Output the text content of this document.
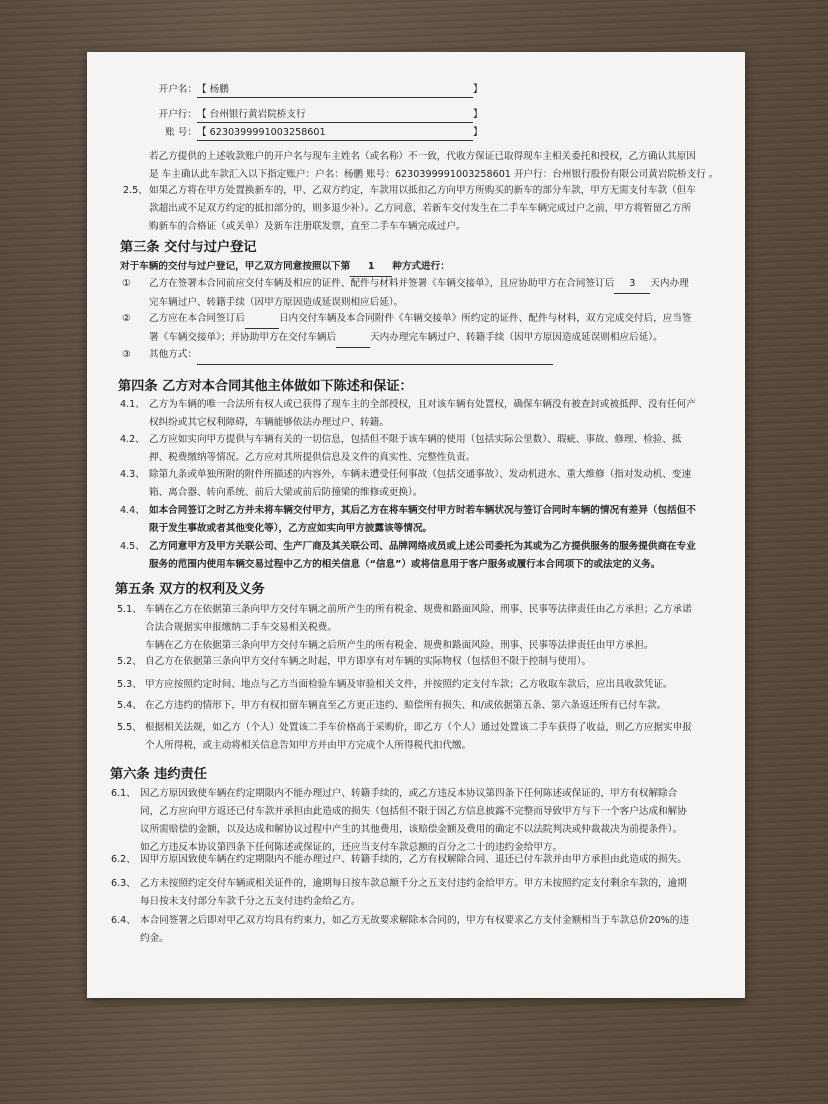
开户名：【 杨鹏	】
开户行：【 台州银行黄岩院桥支行	】
账 号：【 6230399991003258601	】
若乙方提供的上述收款账户的开户名与现车主姓名（或名称）不一致，代收方保证已取得现车主相关委托和授权，乙方确认其原因
是 车主确认此车款汇入以下指定账户：户名：杨鹏 账号：6230399991003258601 开户行：台州银行股份有限公司黄岩院桥支行 。
2.5、 如果乙方将在甲方处置换新车的，甲、乙双方约定，车款用以抵扣乙方向甲方所购买的新车的部分车款，甲方无需支付车款（但车
款超出或不足双方约定的抵扣部分的，则多退少补）。乙方同意，若新车交付发生在二手车车辆完成过户之前，甲方将暂留乙方所
购新车的合格证（或关单）及新车注册联发票，直至二手车车辆完成过户。
第三条 交付与过户登记
对于车辆的交付与过户登记，甲乙双方同意按照以下第 1 种方式进行：
① 乙方在签署本合同前应交付车辆及相应的证件、配件与材料并签署《车辆交接单》，且应协助甲方在合同签订后 3 天内办理
完车辆过户、转籍手续（因甲方原因造成延误则相应后延）。
② 乙方应在本合同签订后	日内交付车辆及本合同附件《车辆交接单》所约定的证件、配件与材料，双方完成交付后，应当签
署《车辆交接单》；并协助甲方在交付车辆后	天内办理完车辆过户、转籍手续（因甲方原因造成延误则相应后延）。
③ 其他方式：
第四条 乙方对本合同其他主体做如下陈述和保证：
4.1、 乙方为车辆的唯一合法所有权人或已获得了现车主的全部授权，且对该车辆有处置权，确保车辆没有被查封或被抵押、没有任何产
权纠纷或其它权利障碍，车辆能够依法办理过户、转籍。
4.2、 乙方应如实向甲方提供与车辆有关的一切信息，包括但不限于该车辆的使用（包括实际公里数）、瑕疵、事故、修理、检验、抵
押、税费缴纳等情况。乙方应对其所提供信息及文件的真实性、完整性负责。
4.3、 除第九条或单独所附的附件所描述的内容外，车辆未遭受任何事故（包括交通事故）、发动机进水、重大维修（指对发动机、变速
箱、离合器、转向系统、前后大梁或前后防撞梁的维修或更换）。
4.4、 如本合同签订之时乙方并未将车辆交付甲方，其后乙方在将车辆交付甲方时若车辆状况与签订合同时车辆的情况有差异（包括但不
限于发生事故或者其他变化等），乙方应如实向甲方披露该等情况。
4.5、 乙方同意甲方及甲方关联公司、生产厂商及其关联公司、品牌网络成员或上述公司委托为其或为乙方提供服务的服务提供商在专业
服务的范围内使用车辆交易过程中乙方的相关信息（“信息”）或将信息用于客户服务或履行本合同项下的或法定的义务。
第五条 双方的权利及义务
5.1、 车辆在乙方在依据第三条向甲方交付车辆之前所产生的所有税金、规费和路面风险、刑事、民事等法律责任由乙方承担；乙方承诺
合法合规据实申报缴纳二手车交易相关税费。
车辆在乙方在依据第三条向甲方交付车辆之后所产生的所有税金、规费和路面风险、刑事、民事等法律责任由甲方承担。
5.2、 自乙方在依据第三条向甲方交付车辆之时起，甲方即享有对车辆的实际物权（包括但不限于控制与使用）。
5.3、 甲方应按照约定时间、地点与乙方当面检验车辆及审验相关文件，并按照约定支付车款；乙方收取车款后，应出具收款凭证。
5.4、 在乙方违约的情形下，甲方有权扣留车辆直至乙方更正违约、赔偿所有损失、和/或依据第五条、第六条返还所有已付车款。
5.5、 根据相关法规，如乙方（个人）处置该二手车价格高于采购价，即乙方（个人）通过处置该二手车获得了收益，则乙方应据实申报
个人所得税，或主动将相关信息告知甲方并由甲方完成个人所得税代扣代缴。
第六条 违约责任
6.1、 因乙方原因致使车辆在约定期限内不能办理过户、转籍手续的，或乙方违反本协议第四条下任何陈述或保证的，甲方有权解除合
同，乙方应向甲方返还已付车款并承担由此造成的损失（包括但不限于因乙方信息披露不完整而导致甲方与下一个客户达成和解协
议所需赔偿的金额，以及达成和解协议过程中产生的其他费用，该赔偿金额及费用的确定不以法院判决或仲裁裁决为前提条件）。
如乙方违反本协议第四条下任何陈述或保证的，还应当支付车款总额的百分之二十的违约金给甲方。
6.2、 因甲方原因致使车辆在约定期限内不能办理过户、转籍手续的，乙方有权解除合同、退还已付车款并由甲方承担由此造成的损失。
6.3、 乙方未按照约定交付车辆或相关证件的，逾期每日按车款总额千分之五支付违约金给甲方。甲方未按照约定支付剩余车款的，逾期
每日按未支付部分车款千分之五支付违约金给乙方。
6.4、 本合同签署之后即对甲乙双方均具有约束力，如乙方无故要求解除本合同的，甲方有权要求乙方支付金额相当于车款总价20%的违
约金。
